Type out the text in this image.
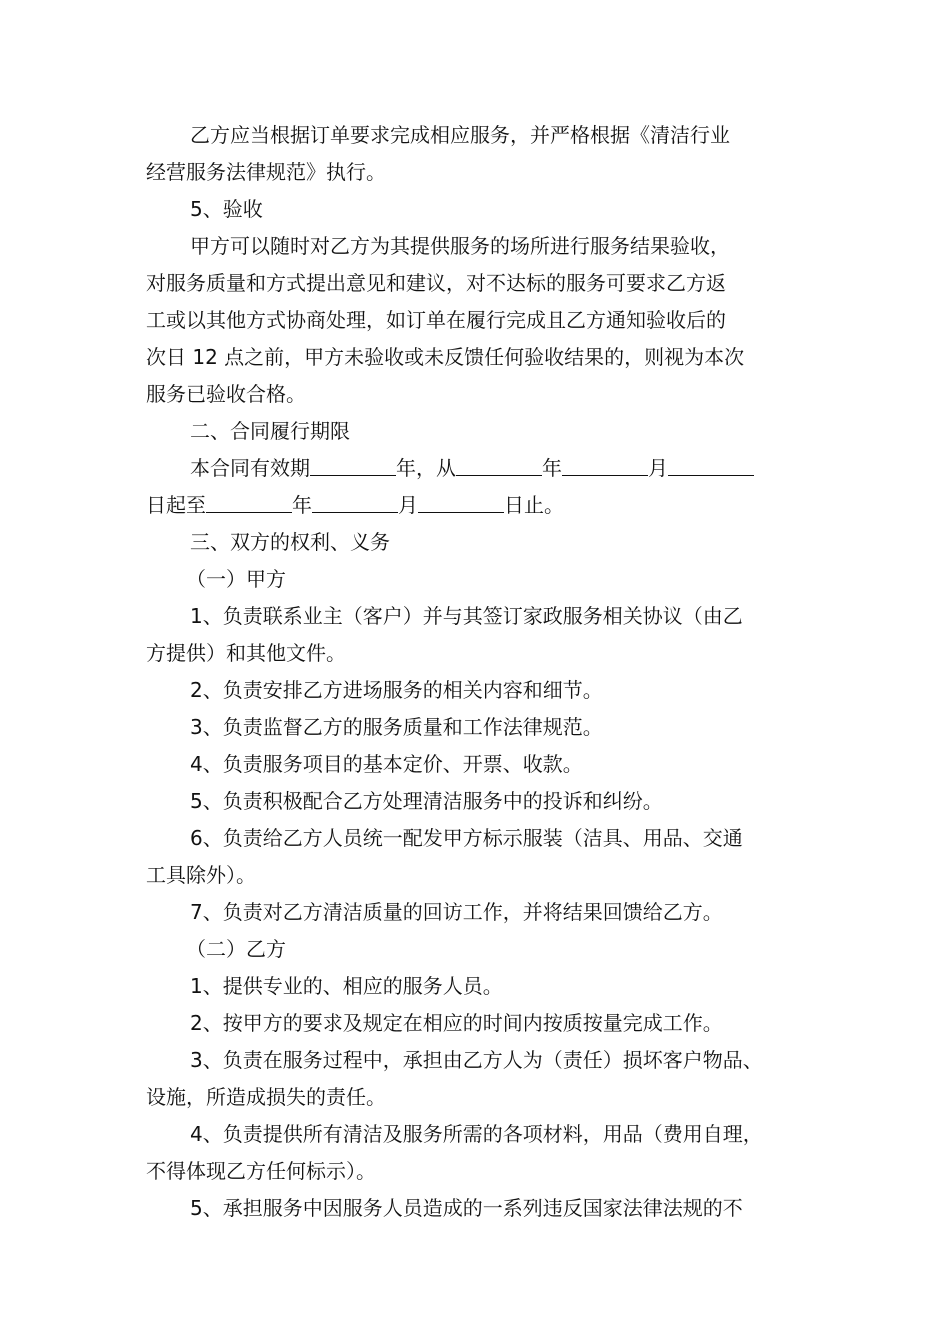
乙方应当根据订单要求完成相应服务，并严格根据《清洁行业
经营服务法律规范》执行。
5、验收
甲方可以随时对乙方为其提供服务的场所进行服务结果验收，
对服务质量和方式提出意见和建议，对不达标的服务可要求乙方返
工或以其他方式协商处理，如订单在履行完成且乙方通知验收后的
次日 12 点之前，甲方未验收或未反馈任何验收结果的，则视为本次
服务已验收合格。
二、合同履行期限
本合同有效期	年，从	年	月
日起至	年	月	日止。
三、双方的权利、义务
（一）甲方
1、负责联系业主（客户）并与其签订家政服务相关协议（由乙
方提供）和其他文件。
2、负责安排乙方进场服务的相关内容和细节。
3、负责监督乙方的服务质量和工作法律规范。
4、负责服务项目的基本定价、开票、收款。
5、负责积极配合乙方处理清洁服务中的投诉和纠纷。
6、负责给乙方人员统一配发甲方标示服装（洁具、用品、交通
工具除外）。
7、负责对乙方清洁质量的回访工作，并将结果回馈给乙方。
（二）乙方
1、提供专业的、相应的服务人员。
2、按甲方的要求及规定在相应的时间内按质按量完成工作。
3、负责在服务过程中，承担由乙方人为（责任）损坏客户物品、
设施，所造成损失的责任。
4、负责提供所有清洁及服务所需的各项材料，用品（费用自理，
不得体现乙方任何标示）。
5、承担服务中因服务人员造成的一系列违反国家法律法规的不
